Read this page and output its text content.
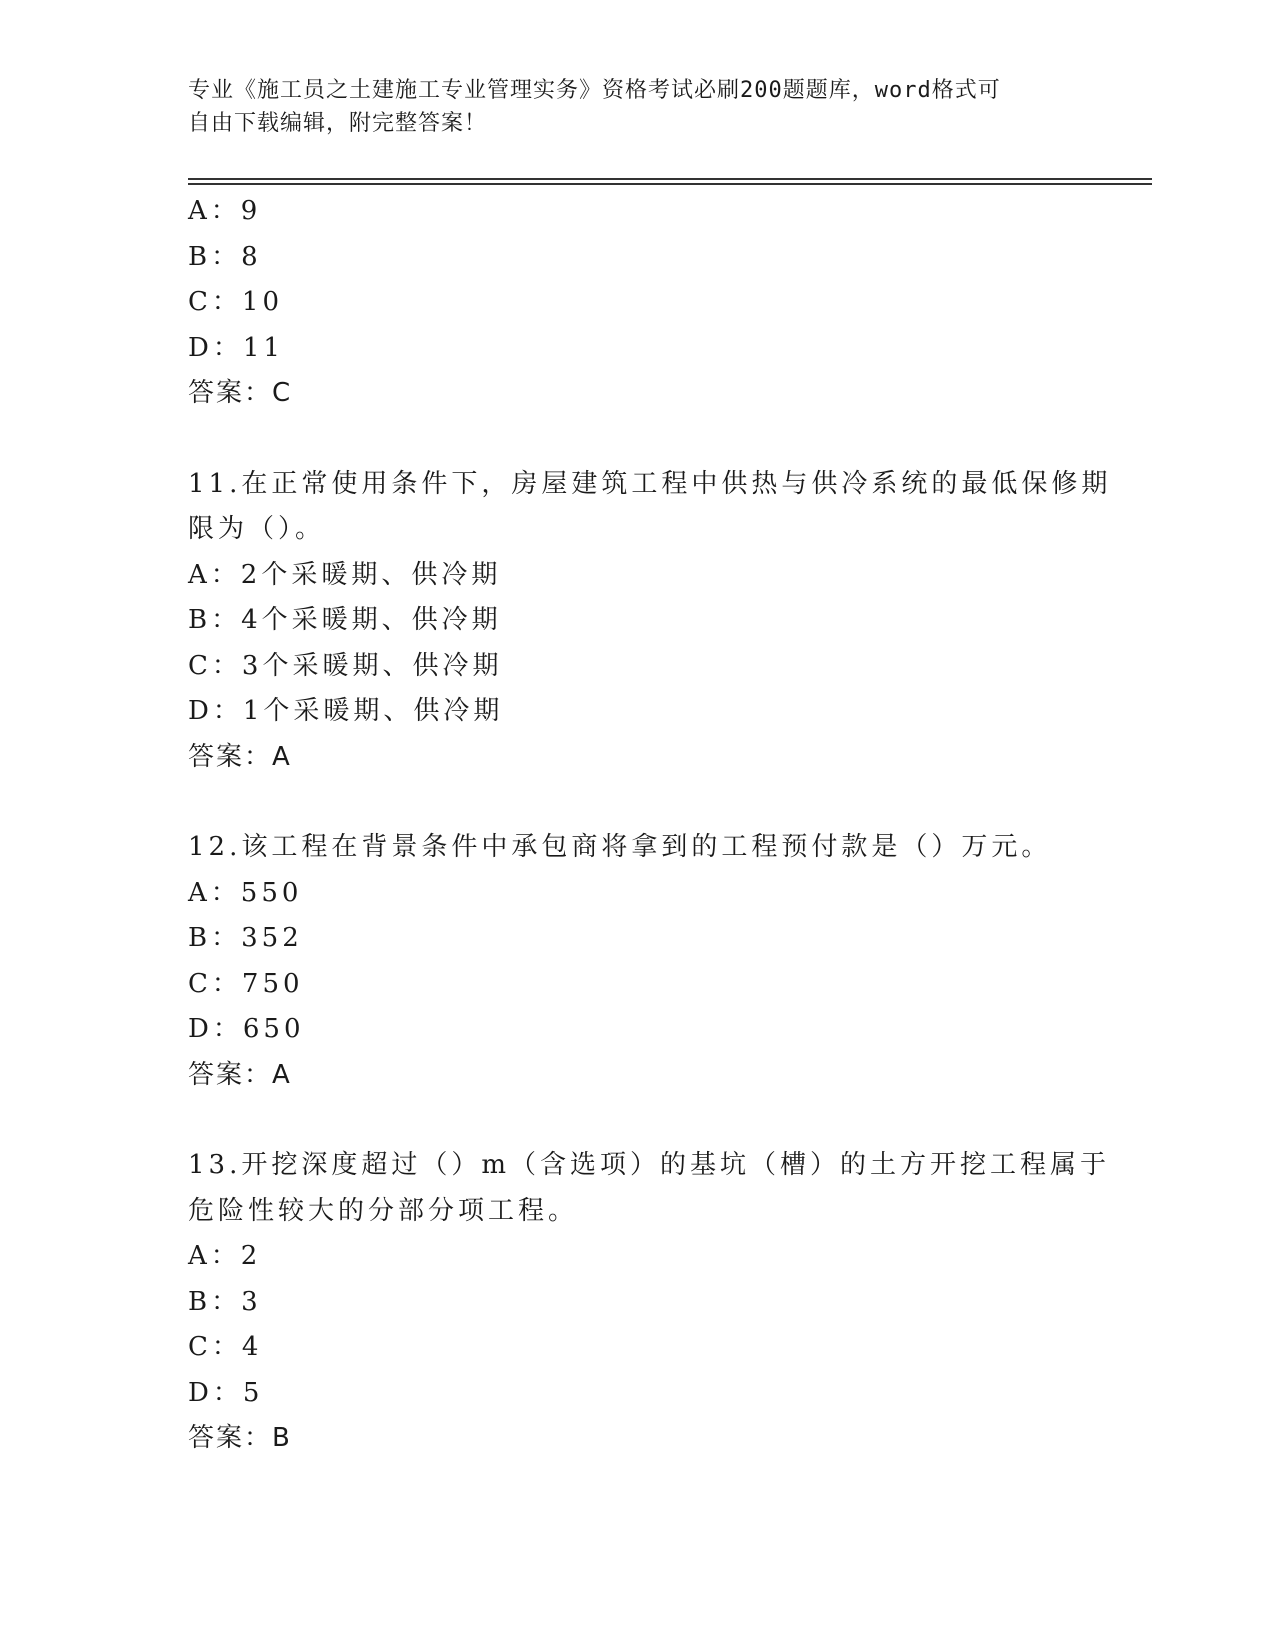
专业《施工员之土建施工专业管理实务》资格考试必刷200题题库，word格式可
自由下载编辑，附完整答案！
A：9
B：8
C：10
D：11
答案：C
11.在正常使用条件下，房屋建筑工程中供热与供冷系统的最低保修期
限为（）。
A：2个采暖期、供冷期
B：4个采暖期、供冷期
C：3个采暖期、供冷期
D：1个采暖期、供冷期
答案：A
12.该工程在背景条件中承包商将拿到的工程预付款是（）万元。
A：550
B：352
C：750
D：650
答案：A
13.开挖深度超过（）m（含选项）的基坑（槽）的土方开挖工程属于
危险性较大的分部分项工程。
A：2
B：3
C：4
D：5
答案：B
